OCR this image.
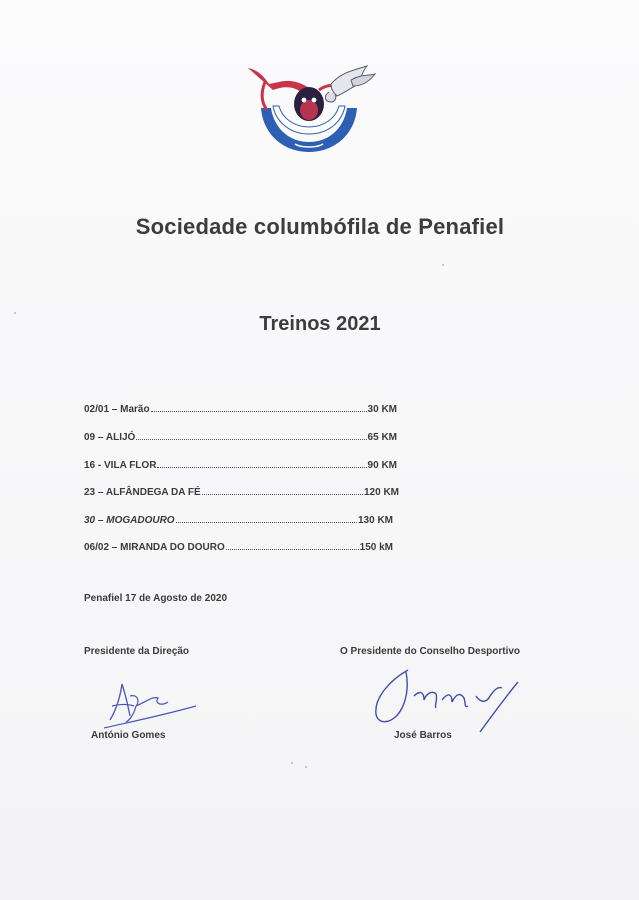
Sociedade columbófila de Penafiel
Treinos 2021
02/01 – Marão	30 KM
09 – ALIJÓ	65 KM
16 - VILA FLOR	90 KM
23 – ALFÂNDEGA DA FÉ	120 KM
30 – MOGADOURO	130 KM
06/02 – MIRANDA DO DOURO	150 kM
Penafiel 17 de Agosto de 2020
Presidente da Direção	O Presidente do Conselho Desportivo
António Gomes	José Barros
